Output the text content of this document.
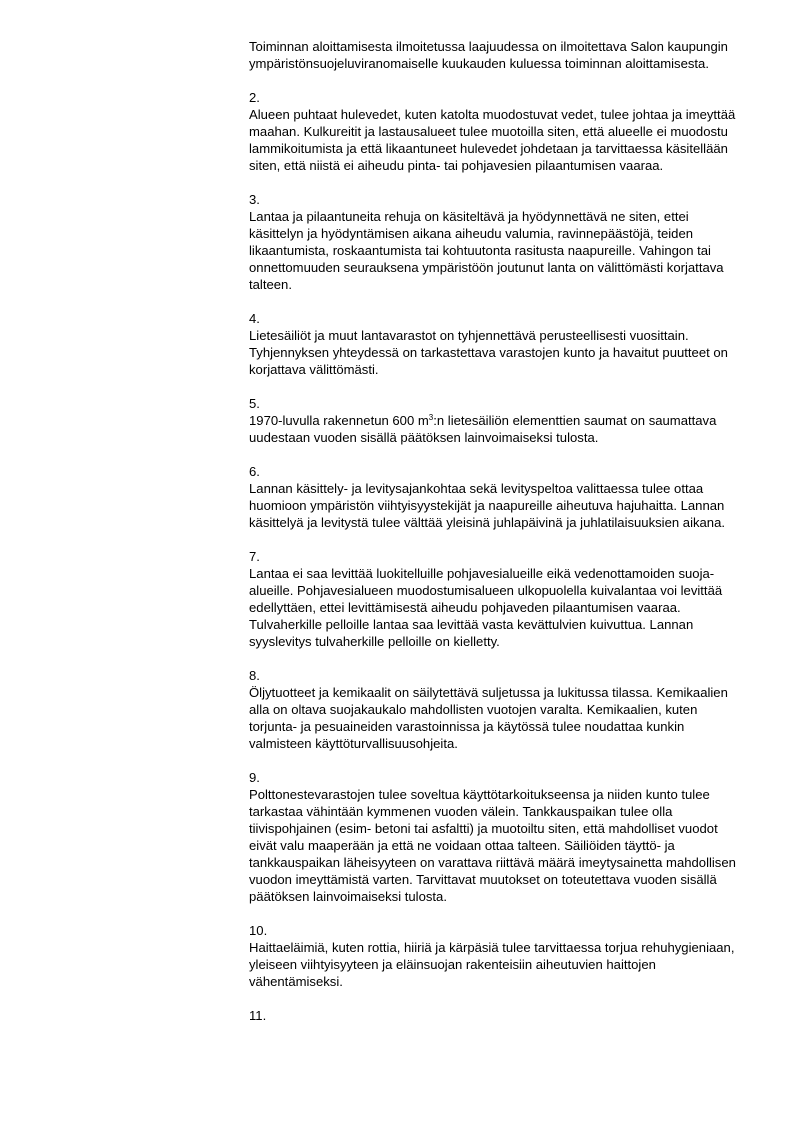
Toiminnan aloittamisesta ilmoitetussa laajuudessa on ilmoitettava Salon kaupungin ympäristönsuojeluviranomaiselle kuukauden kuluessa toiminnan aloittamisesta.

2.

Alueen puhtaat hulevedet, kuten katolta muodostuvat vedet, tulee johtaa ja imeyttää maahan. Kulkureitit ja lastausalueet tulee muotoilla siten, että alueelle ei muodostu lammikoitumista ja että likaantuneet hulevedet johdetaan ja tarvittaessa käsitellään siten, että niistä ei aiheudu pinta- tai pohjavesien pilaantumisen vaaraa.

3.

Lantaa ja pilaantuneita rehuja on käsiteltävä ja hyödynnettävä ne siten, ettei käsittelyn ja hyödyntämisen aikana aiheudu valumia, ravinnepäästöjä, teiden likaantumista, roskaantumista tai kohtuutonta rasitusta naapureille. Vahingon tai onnettomuuden seurauksena ympäristöön joutunut lanta on välittömästi korjattava talteen.

4.

Lietesäiliöt ja muut lantavarastot on tyhjennettävä perusteellisesti vuosittain. Tyhjennyksen yhteydessä on tarkastettava varastojen kunto ja havaitut puutteet on korjattava välittömästi.

5.

1970-luvulla rakennetun 600 $m^3:n$ lietesäiliön elementtien saumat on saumattava uudestaan vuoden sisällä päätöksen lainvoimaiseksi tulosta.

6.

Lannan käsittely- ja levitysajankohtaa sekä levityspeltoa valittaessa tulee ottaa huomioon ympäristön viihtyisyystekijät ja naapureille aiheutuva hajuhaitta. Lannan käsittelyä ja levitystä tulee välttää yleisinä juhlapäivinä ja juhlatilaisuuksien aikana.

7.

Lantaa ei saa levittää luokitelluille pohjavesialueille eikä vedenottamoiden suoja-alueille. Pohjavesialueen muodostumisalueen ulkopuolella kuivalantaa voi levittää edellyttäen, ettei levittämisestä aiheudu pohjaveden pilaantumisen vaaraa. Tulvaherkille pelloille lantaa saa levittää vasta kevättulvien kuivuttua. Lannan syyslevitys tulvaherkille pelloille on kielletty.

8.

Öljytuotteet ja kemikaalit on säilytettävä suljetussa ja lukitussa tilassa. Kemikaalien alla on oltava suojakaukalo mahdollisten vuotojen varalta. Kemikaalien, kuten torjunta- ja pesuaineiden varastoinnissa ja käytössä tulee noudattaa kunkin valmisteen käyttöturvallisuusohjeita.

9.

Polttonestevarastojen tulee soveltua käyttötarkoitukseensa ja niiden kunto tulee tarkastaa vähintään kymmenen vuoden välein. Tankkauspaikan tulee olla tiivispohjainen (esim- betoni tai asfaltti) ja muotoiltu siten, että mahdolliset vuodot eivät valu maaperään ja että ne voidaan ottaa talteen. Säiliöiden täyttö- ja tankkauspaikan läheisyyteen on varattava riittävä määrä imeytysainetta mahdollisen vuodon imeyttämistä varten. Tarvittavat muutokset on toteutettava vuoden sisällä päätöksen lainvoimaiseksi tulosta.

10.

Haittaeläimiä, kuten rottia, hiiriä ja kärpäsiä tulee tarvittaessa torjua rehuhygieniaan, yleiseen viihtyisyyteen ja eläinsuojan rakenteisiin aiheutuvien haittojen vähentämiseksi.

11.
